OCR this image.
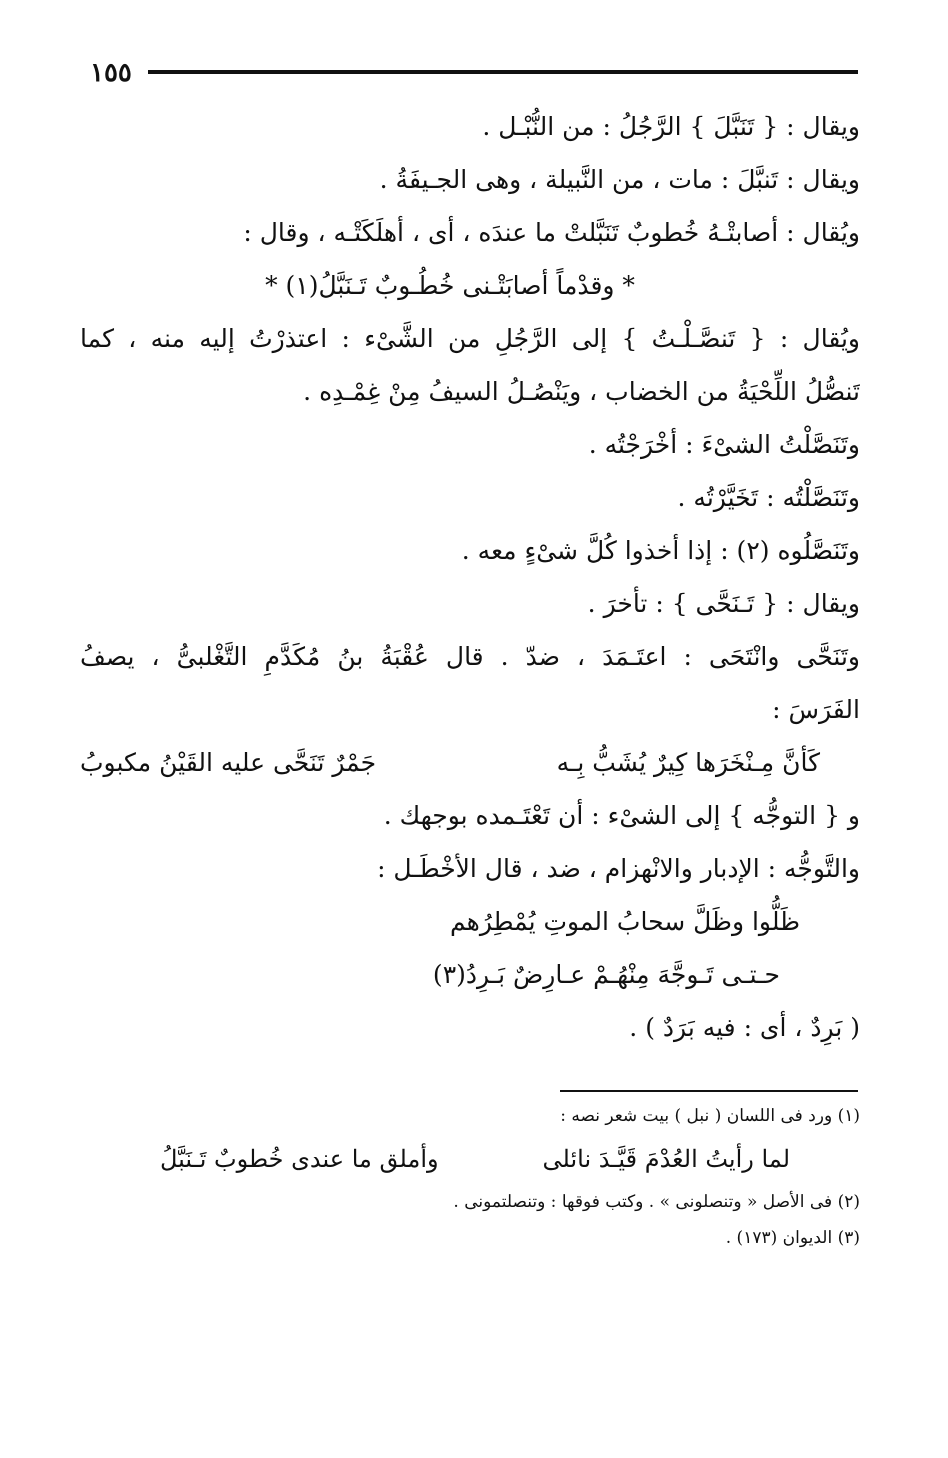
١٥٥
ويقال : { تَنَبَّلَ } الرَّجُلُ : من النُّبْـل .
ويقال : تَنبَّلَ : مات ، من النَّبيلة ، وهى الجـيفَةُ .
ويُقال : أصابتْـهُ خُطوبٌ تَنَبَّلتْ ما عندَه ، أى ، أهلَكَتْـه ، وقال :
* وقدْماً أصابَتْـنى خُطُـوبٌ تَـنَبَّلُ(١) *
ويُقال : { تَنصَّـلْـتُ } إلى الرَّجُلِ من الشَّىْء : اعتذرْتُ إليه منه ، كما
تَنصُّلُ اللِّحْيَةُ من الخضاب ، ويَنْصُـلُ السيفُ مِنْ غِمْـدِه .
وتَنَصَّلْتُ الشىْءَ : أخْرَجْتُه .
وتَنَصَّلْتُه : تَخَيَّرْتُه .
وتَنَصَّلُوه (٢) : إذا أخذوا كُلَّ شىْءٍ معه .
ويقال : { تَـنَحَّى } : تأخرَ .
وتَنَحَّى وانْتَحَى : اعتَـمَدَ ، ضدّ . قال عُقْبَةُ بنُ مُكَدَّمِ التَّغْلبىُّ ، يصفُ
الفَرَسَ :
كَأنَّ مِـنْخَرَها كِيرٌ يُشَبُّ بِـه
جَمْرٌ تَنَحَّى عليه القَيْنُ مكبوبُ
و { التوجُّه } إلى الشىْء : أن تَعْتَـمده بوجهك .
والتَّوجُّه : الإدبار والانْهزام ، ضد ، قال الأخْطَـل :
ظَلُّوا وظَلَّ سحابُ الموتِ يُمْطِرُهم
حـتـى تَـوجَّهَ مِنْهُـمْ عـارِضٌ بَـرِدُ(٣)
( بَرِدٌ ، أى : فيه بَرَدٌ ) .
(١) ورد فى اللسان ( نبل ) بيت شعر نصه :
لما رأيتُ العُدْمَ قَيَّـدَ نائلى
وأملق ما عندى خُطوبٌ تَـنَبَّلُ
(٢) فى الأصل « وتنصلونى » . وكتب فوقها : وتنصلتمونى .
(٣) الديوان (١٧٣) .
